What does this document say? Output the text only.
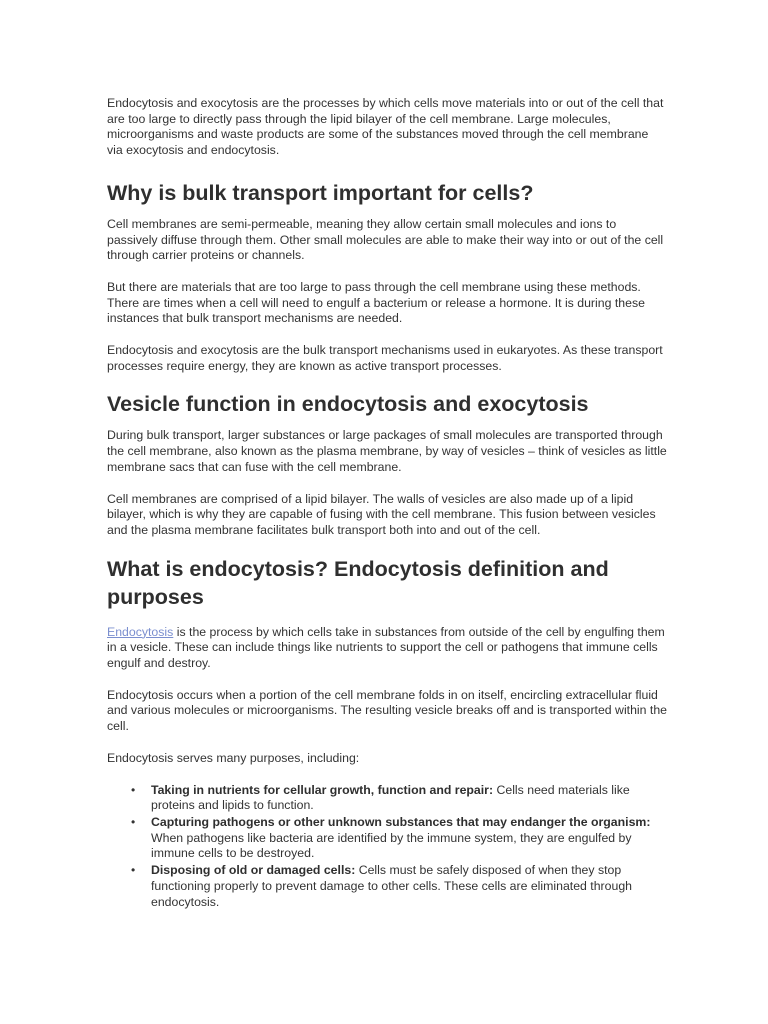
Endocytosis and exocytosis are the processes by which cells move materials into or out of the cell that are too large to directly pass through the lipid bilayer of the cell membrane. Large molecules, microorganisms and waste products are some of the substances moved through the cell membrane via exocytosis and endocytosis.

Why is bulk transport important for cells?

Cell membranes are semi-permeable, meaning they allow certain small molecules and ions to passively diffuse through them. Other small molecules are able to make their way into or out of the cell through carrier proteins or channels.

But there are materials that are too large to pass through the cell membrane using these methods. There are times when a cell will need to engulf a bacterium or release a hormone. It is during these instances that bulk transport mechanisms are needed.

Endocytosis and exocytosis are the bulk transport mechanisms used in eukaryotes. As these transport processes require energy, they are known as active transport processes.

Vesicle function in endocytosis and exocytosis

During bulk transport, larger substances or large packages of small molecules are transported through the cell membrane, also known as the plasma membrane, by way of vesicles – think of vesicles as little membrane sacs that can fuse with the cell membrane.

Cell membranes are comprised of a lipid bilayer. The walls of vesicles are also made up of a lipid bilayer, which is why they are capable of fusing with the cell membrane. This fusion between vesicles and the plasma membrane facilitates bulk transport both into and out of the cell.

What is endocytosis? Endocytosis definition and purposes

Endocytosis is the process by which cells take in substances from outside of the cell by engulfing them in a vesicle. These can include things like nutrients to support the cell or pathogens that immune cells engulf and destroy.

Endocytosis occurs when a portion of the cell membrane folds in on itself, encircling extracellular fluid and various molecules or microorganisms. The resulting vesicle breaks off and is transported within the cell.

Endocytosis serves many purposes, including:

• Taking in nutrients for cellular growth, function and repair: Cells need materials like proteins and lipids to function.
• Capturing pathogens or other unknown substances that may endanger the organism: When pathogens like bacteria are identified by the immune system, they are engulfed by immune cells to be destroyed.
• Disposing of old or damaged cells: Cells must be safely disposed of when they stop functioning properly to prevent damage to other cells. These cells are eliminated through endocytosis.
